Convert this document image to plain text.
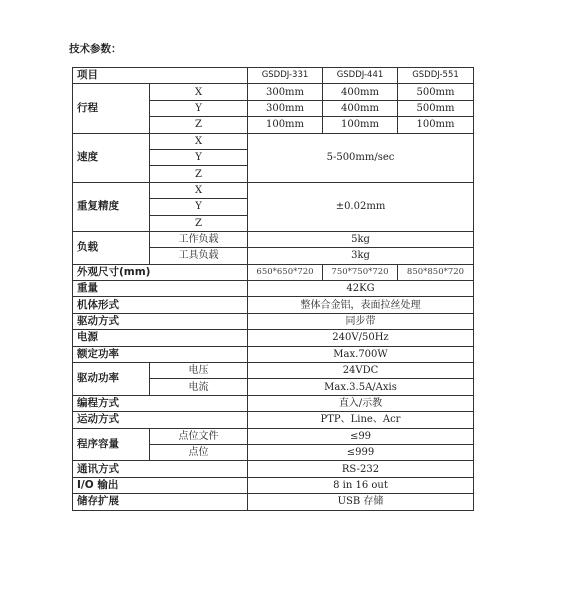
技术参数：
项目		GSDDJ-331	GSDDJ-441	GSDDJ-551
行程	X	300mm	400mm	500mm
	Y	300mm	400mm	500mm
	Z	100mm	100mm	100mm
速度	X	5-500mm/sec		
	Y			
	Z			
重复精度	X	±0.02mm		
	Y			
	Z			
负载	工作负载	5kg		
	工具负载	3kg		
外观尺寸(mm)		650*650*720	750*750*720	850*850*720
重量		42KG		
机体形式		整体合金铝，表面拉丝处理		
驱动方式		同步带		
电源		240V/50Hz		
额定功率		Max.700W		
驱动功率	电压	24VDC		
	电流	Max.3.5A/Axis		
编程方式		直入/示教		
运动方式		PTP、Line、Acr		
程序容量	点位文件	≤99		
	点位	≤999		
通讯方式		RS-232		
I/O 输出		8 in 16 out		
储存扩展		USB 存储		
